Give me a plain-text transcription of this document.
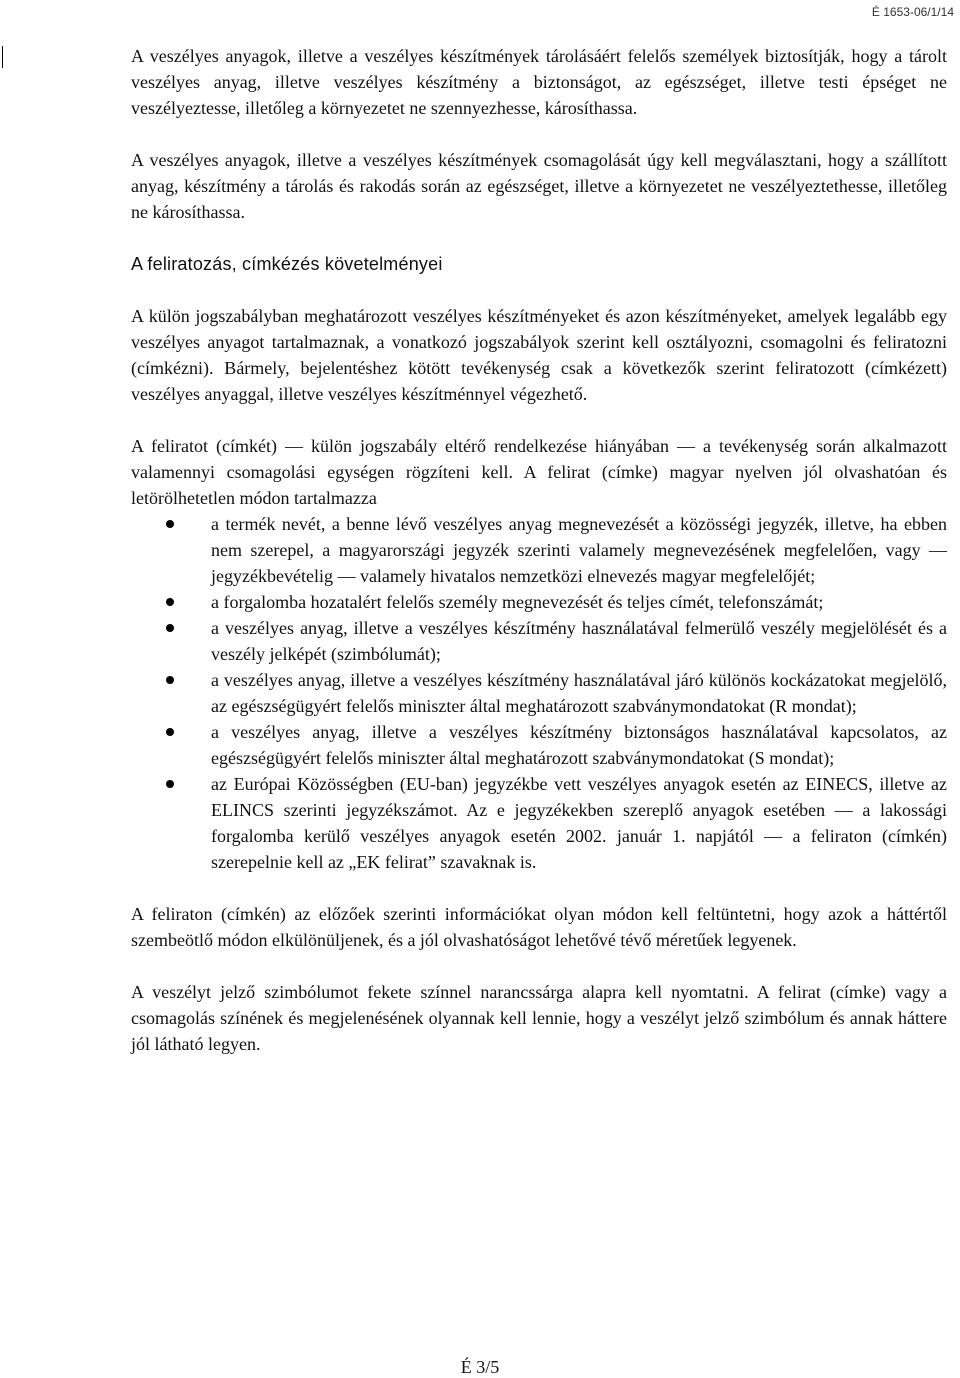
É 1653-06/1/14

A veszélyes anyagok, illetve a veszélyes készítmények tárolásáért felelős személyek biztosítják, hogy a tárolt veszélyes anyag, illetve veszélyes készítmény a biztonságot, az egészséget, illetve testi épséget ne veszélyeztesse, illetőleg a környezetet ne szennyezhesse, károsíthassa.

A veszélyes anyagok, illetve a veszélyes készítmények csomagolását úgy kell megválasztani, hogy a szállított anyag, készítmény a tárolás és rakodás során az egészséget, illetve a környezetet ne veszélyeztethesse, illetőleg ne károsíthassa.

A feliratozás, címkézés követelményei

A külön jogszabályban meghatározott veszélyes készítményeket és azon készítményeket, amelyek legalább egy veszélyes anyagot tartalmaznak, a vonatkozó jogszabályok szerint kell osztályozni, csomagolni és feliratozni (címkézni). Bármely, bejelentéshez kötött tevékenység csak a következők szerint feliratozott (címkézett) veszélyes anyaggal, illetve veszélyes készítménnyel végezhető.

A feliratot (címkét) — külön jogszabály eltérő rendelkezése hiányában — a tevékenység során alkalmazott valamennyi csomagolási egységen rögzíteni kell. A felirat (címke) magyar nyelven jól olvashatóan és letörölhetetlen módon tartalmazza

a termék nevét, a benne lévő veszélyes anyag megnevezését a közösségi jegyzék, illetve, ha ebben nem szerepel, a magyarországi jegyzék szerinti valamely megnevezésének megfelelően, vagy — jegyzékbevételig — valamely hivatalos nemzetközi elnevezés magyar megfelelőjét;
a forgalomba hozatalért felelős személy megnevezését és teljes címét, telefonszámát;
a veszélyes anyag, illetve a veszélyes készítmény használatával felmerülő veszély megjelölését és a veszély jelképét (szimbólumát);
a veszélyes anyag, illetve a veszélyes készítmény használatával járó különös kockázatokat megjelölő, az egészségügyért felelős miniszter által meghatározott szabványmondatokat (R mondat);
a veszélyes anyag, illetve a veszélyes készítmény biztonságos használatával kapcsolatos, az egészségügyért felelős miniszter által meghatározott szabványmondatokat (S mondat);
az Európai Közösségben (EU-ban) jegyzékbe vett veszélyes anyagok esetén az EINECS, illetve az ELINCS szerinti jegyzékszámot. Az e jegyzékekben szereplő anyagok esetében — a lakossági forgalomba kerülő veszélyes anyagok esetén 2002. január 1. napjától — a feliraton (címkén) szerepelnie kell az „EK felirat” szavaknak is.

A feliraton (címkén) az előzőek szerinti információkat olyan módon kell feltüntetni, hogy azok a háttértől szembeötlő módon elkülönüljenek, és a jól olvashatóságot lehetővé tévő méretűek legyenek.

A veszélyt jelző szimbólumot fekete színnel narancssárga alapra kell nyomtatni. A felirat (címke) vagy a csomagolás színének és megjelenésének olyannak kell lennie, hogy a veszélyt jelző szimbólum és annak háttere jól látható legyen.

É 3/5
